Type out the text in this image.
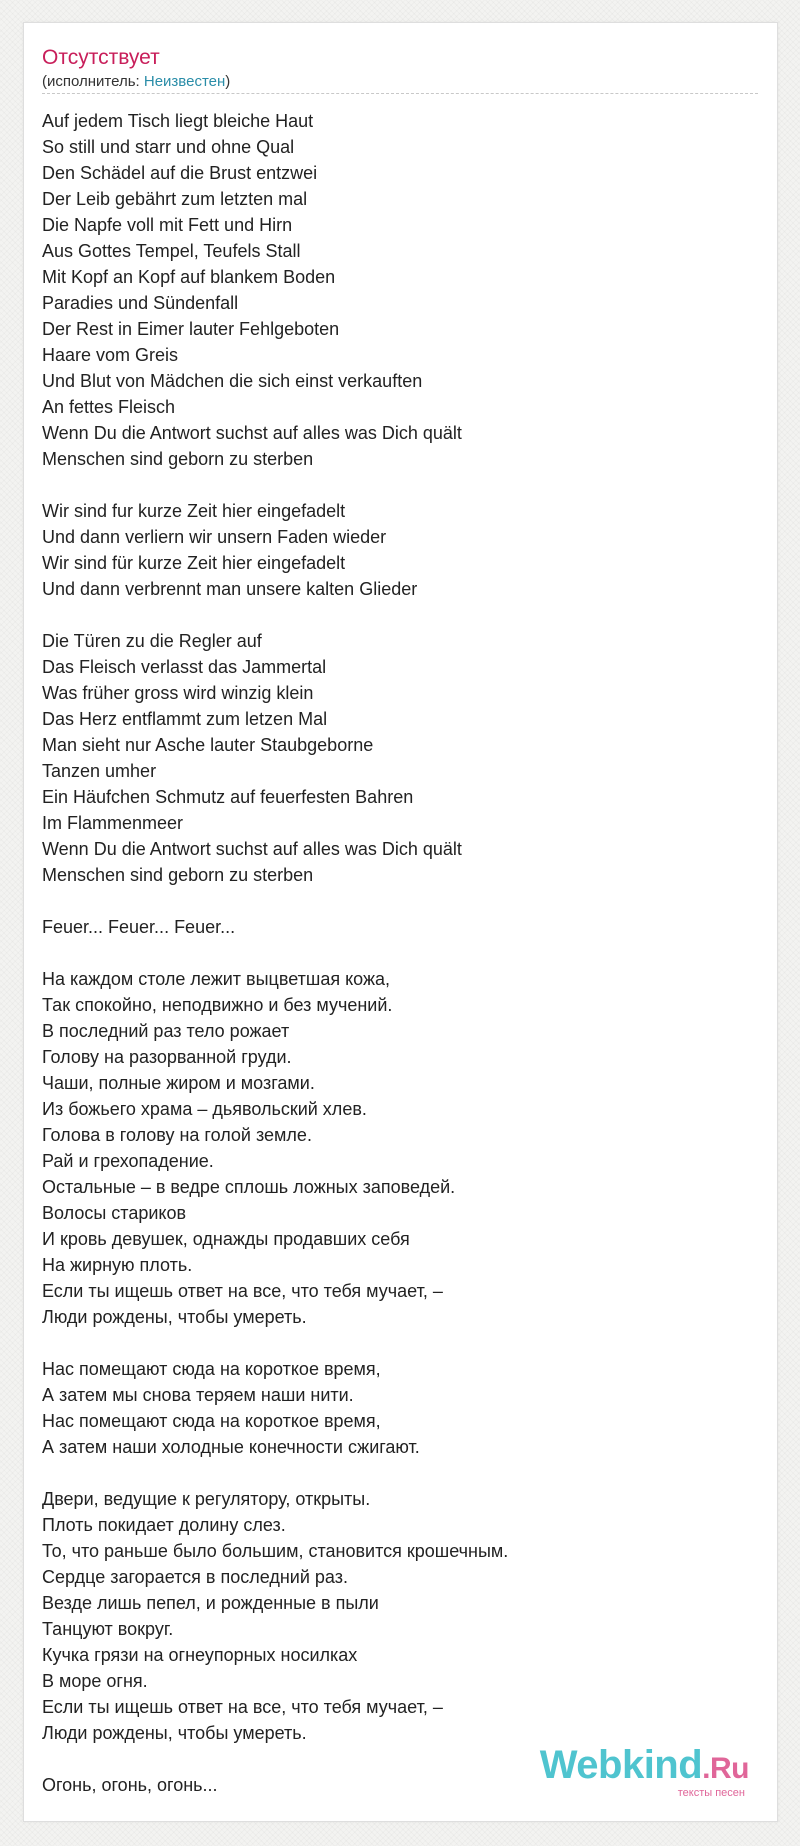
Отсутствует
(исполнитель: Неизвестен)
Auf jedem Tisch liegt bleiche Haut
So still und starr und ohne Qual
Den Schädel auf die Brust entzwei
Der Leib gebährt zum letzten mal
Die Napfe voll mit Fett und Hirn
Aus Gottes Tempel, Teufels Stall
Mit Kopf an Kopf auf blankem Boden
Paradies und Sündenfall
Der Rest in Eimer lauter Fehlgeboten
Haare vom Greis
Und Blut von Mädchen die sich einst verkauften
An fettes Fleisch
Wenn Du die Antwort suchst auf alles was Dich quält
Menschen sind geborn zu sterben
Wir sind fur kurze Zeit hier eingefadelt
Und dann verliern wir unsern Faden wieder
Wir sind für kurze Zeit hier eingefadelt
Und dann verbrennt man unsere kalten Glieder
Die Türen zu die Regler auf
Das Fleisch verlasst das Jammertal
Was früher gross wird winzig klein
Das Herz entflammt zum letzen Mal
Man sieht nur Asche lauter Staubgeborne
Tanzen umher
Ein Häufchen Schmutz auf feuerfesten Bahren
Im Flammenmeer
Wenn Du die Antwort suchst auf alles was Dich quält
Menschen sind geborn zu sterben
Feuer... Feuer... Feuer...
На каждом столе лежит выцветшая кожа,
Так спокойно, неподвижно и без мучений.
В последний раз тело рожает
Голову на разорванной груди.
Чаши, полные жиром и мозгами.
Из божьего храма – дьявольский хлев.
Голова в голову на голой земле.
Рай и грехопадение.
Остальные – в ведре сплошь ложных заповедей.
Волосы стариков
И кровь девушек, однажды продавших себя
На жирную плоть.
Если ты ищешь ответ на все, что тебя мучает, –
Люди рождены, чтобы умереть.
Нас помещают сюда на короткое время,
А затем мы снова теряем наши нити.
Нас помещают сюда на короткое время,
А затем наши холодные конечности сжигают.
Двери, ведущие к регулятору, открыты.
Плоть покидает долину слез.
То, что раньше было большим, становится крошечным.
Сердце загорается в последний раз.
Везде лишь пепел, и рожденные в пыли
Танцуют вокруг.
Кучка грязи на огнеупорных носилках
В море огня.
Если ты ищешь ответ на все, что тебя мучает, –
Люди рождены, чтобы умереть.
Огонь, огонь, огонь...	Webkind.Ru
тексты песен
